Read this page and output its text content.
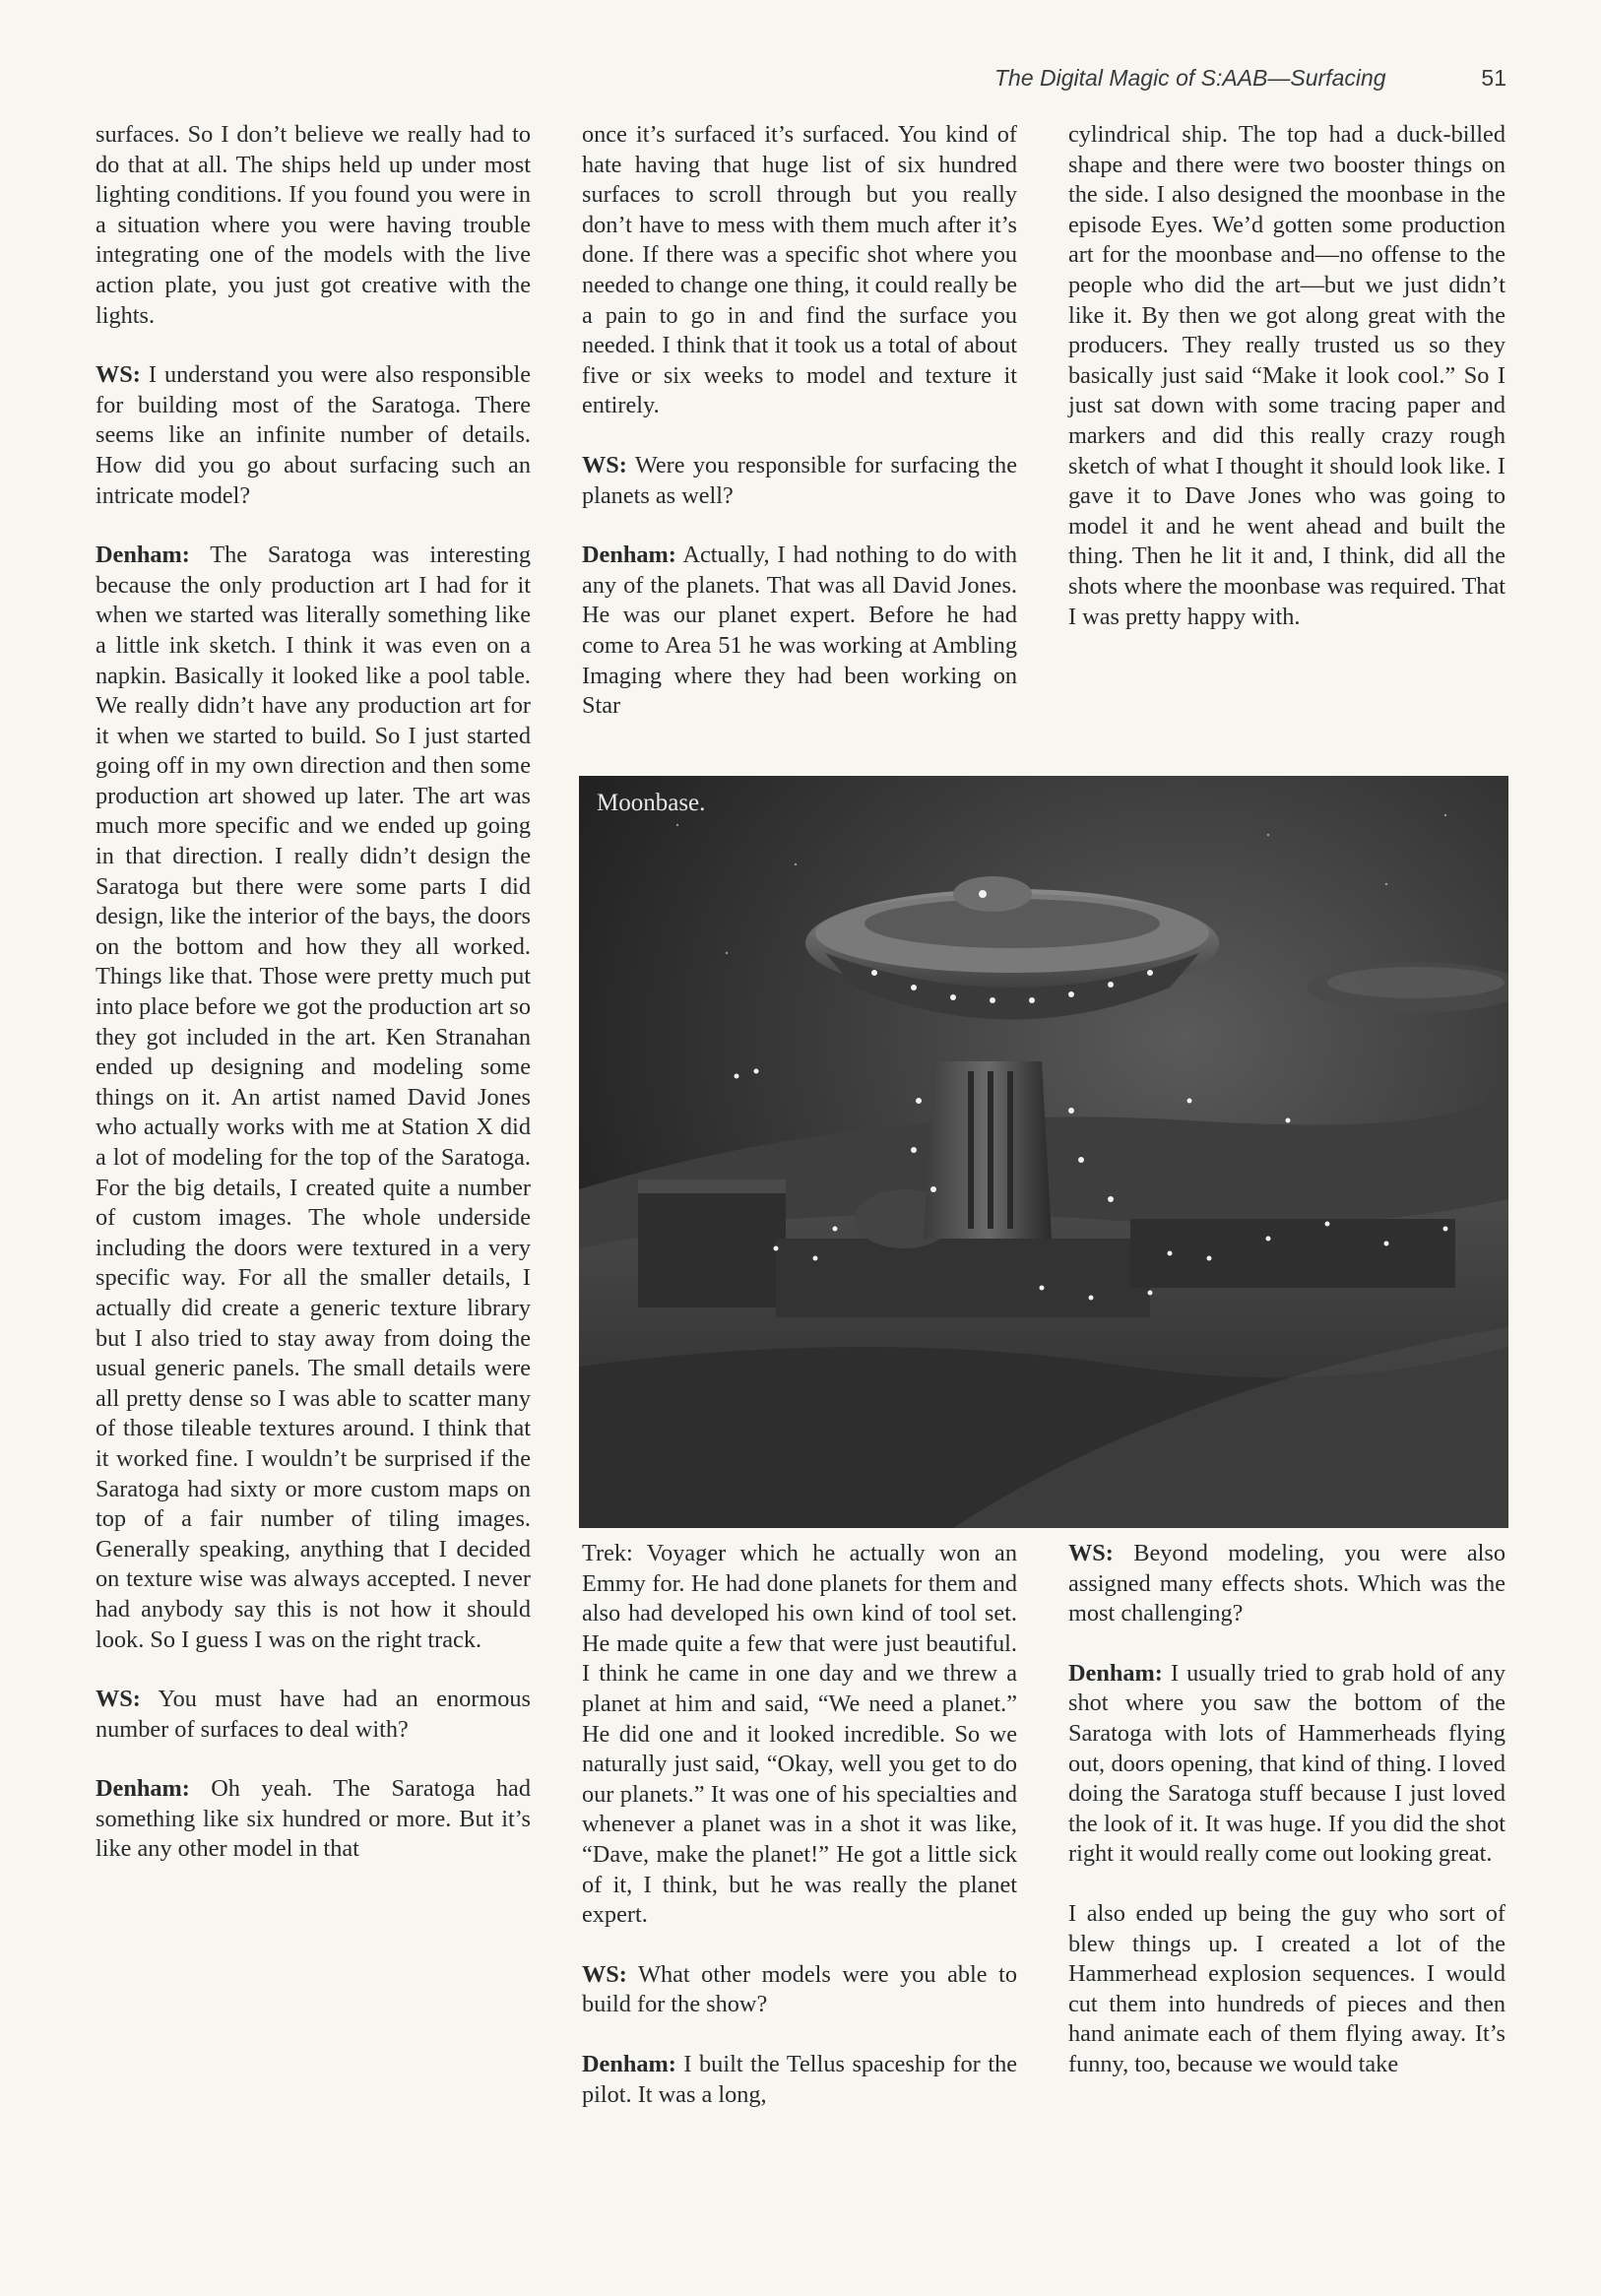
The Digital Magic of S:AAB—Surfacing	51

surfaces. So I don’t believe we really had to do that at all. The ships held up under most lighting conditions. If you found you were in a situation where you were having trouble integrating one of the models with the live action plate, you just got creative with the lights.

WS: I understand you were also responsible for building most of the Saratoga. There seems like an infinite number of details. How did you go about surfacing such an intricate model?

Denham: The Saratoga was interesting because the only production art I had for it when we started was literally something like a little ink sketch. I think it was even on a napkin. Basically it looked like a pool table. We really didn’t have any production art for it when we started to build. So I just started going off in my own direction and then some production art showed up later. The art was much more specific and we ended up going in that direction. I really didn’t design the Saratoga but there were some parts I did design, like the interior of the bays, the doors on the bottom and how they all worked. Things like that. Those were pretty much put into place before we got the production art so they got included in the art. Ken Stranahan ended up designing and modeling some things on it. An artist named David Jones who actually works with me at Station X did a lot of modeling for the top of the Saratoga. For the big details, I created quite a number of custom images. The whole underside including the doors were textured in a very specific way. For all the smaller details, I actually did create a generic texture library but I also tried to stay away from doing the usual generic panels. The small details were all pretty dense so I was able to scatter many of those tileable textures around. I think that it worked fine. I wouldn’t be surprised if the Saratoga had sixty or more custom maps on top of a fair number of tiling images. Generally speaking, anything that I decided on texture wise was always accepted. I never had anybody say this is not how it should look. So I guess I was on the right track.

WS: You must have had an enormous number of surfaces to deal with?

Denham: Oh yeah. The Saratoga had something like six hundred or more. But it’s like any other model in that

once it’s surfaced it’s surfaced. You kind of hate having that huge list of six hundred surfaces to scroll through but you really don’t have to mess with them much after it’s done. If there was a specific shot where you needed to change one thing, it could really be a pain to go in and find the surface you needed. I think that it took us a total of about five or six weeks to model and texture it entirely.

WS: Were you responsible for surfacing the planets as well?

Denham: Actually, I had nothing to do with any of the planets. That was all David Jones. He was our planet expert. Before he had come to Area 51 he was working at Ambling Imaging where they had been working on Star

cylindrical ship. The top had a duck-billed shape and there were two booster things on the side. I also designed the moonbase in the episode Eyes. We’d gotten some production art for the moonbase and—no offense to the people who did the art—but we just didn’t like it. By then we got along great with the producers. They really trusted us so they basically just said “Make it look cool.” So I just sat down with some tracing paper and markers and did this really crazy rough sketch of what I thought it should look like. I gave it to Dave Jones who was going to model it and he went ahead and built the thing. Then he lit it and, I think, did all the shots where the moonbase was required. That I was pretty happy with.

Moonbase.

Trek: Voyager which he actually won an Emmy for. He had done planets for them and also had developed his own kind of tool set. He made quite a few that were just beautiful. I think he came in one day and we threw a planet at him and said, “We need a planet.” He did one and it looked incredible. So we naturally just said, “Okay, well you get to do our planets.” It was one of his specialties and whenever a planet was in a shot it was like, “Dave, make the planet!” He got a little sick of it, I think, but he was really the planet expert.

WS: What other models were you able to build for the show?

Denham: I built the Tellus spaceship for the pilot. It was a long,

WS: Beyond modeling, you were also assigned many effects shots. Which was the most challenging?

Denham: I usually tried to grab hold of any shot where you saw the bottom of the Saratoga with lots of Hammerheads flying out, doors opening, that kind of thing. I loved doing the Saratoga stuff because I just loved the look of it. It was huge. If you did the shot right it would really come out looking great.

I also ended up being the guy who sort of blew things up. I created a lot of the Hammerhead explosion sequences. I would cut them into hundreds of pieces and then hand animate each of them flying away. It’s funny, too, because we would take
